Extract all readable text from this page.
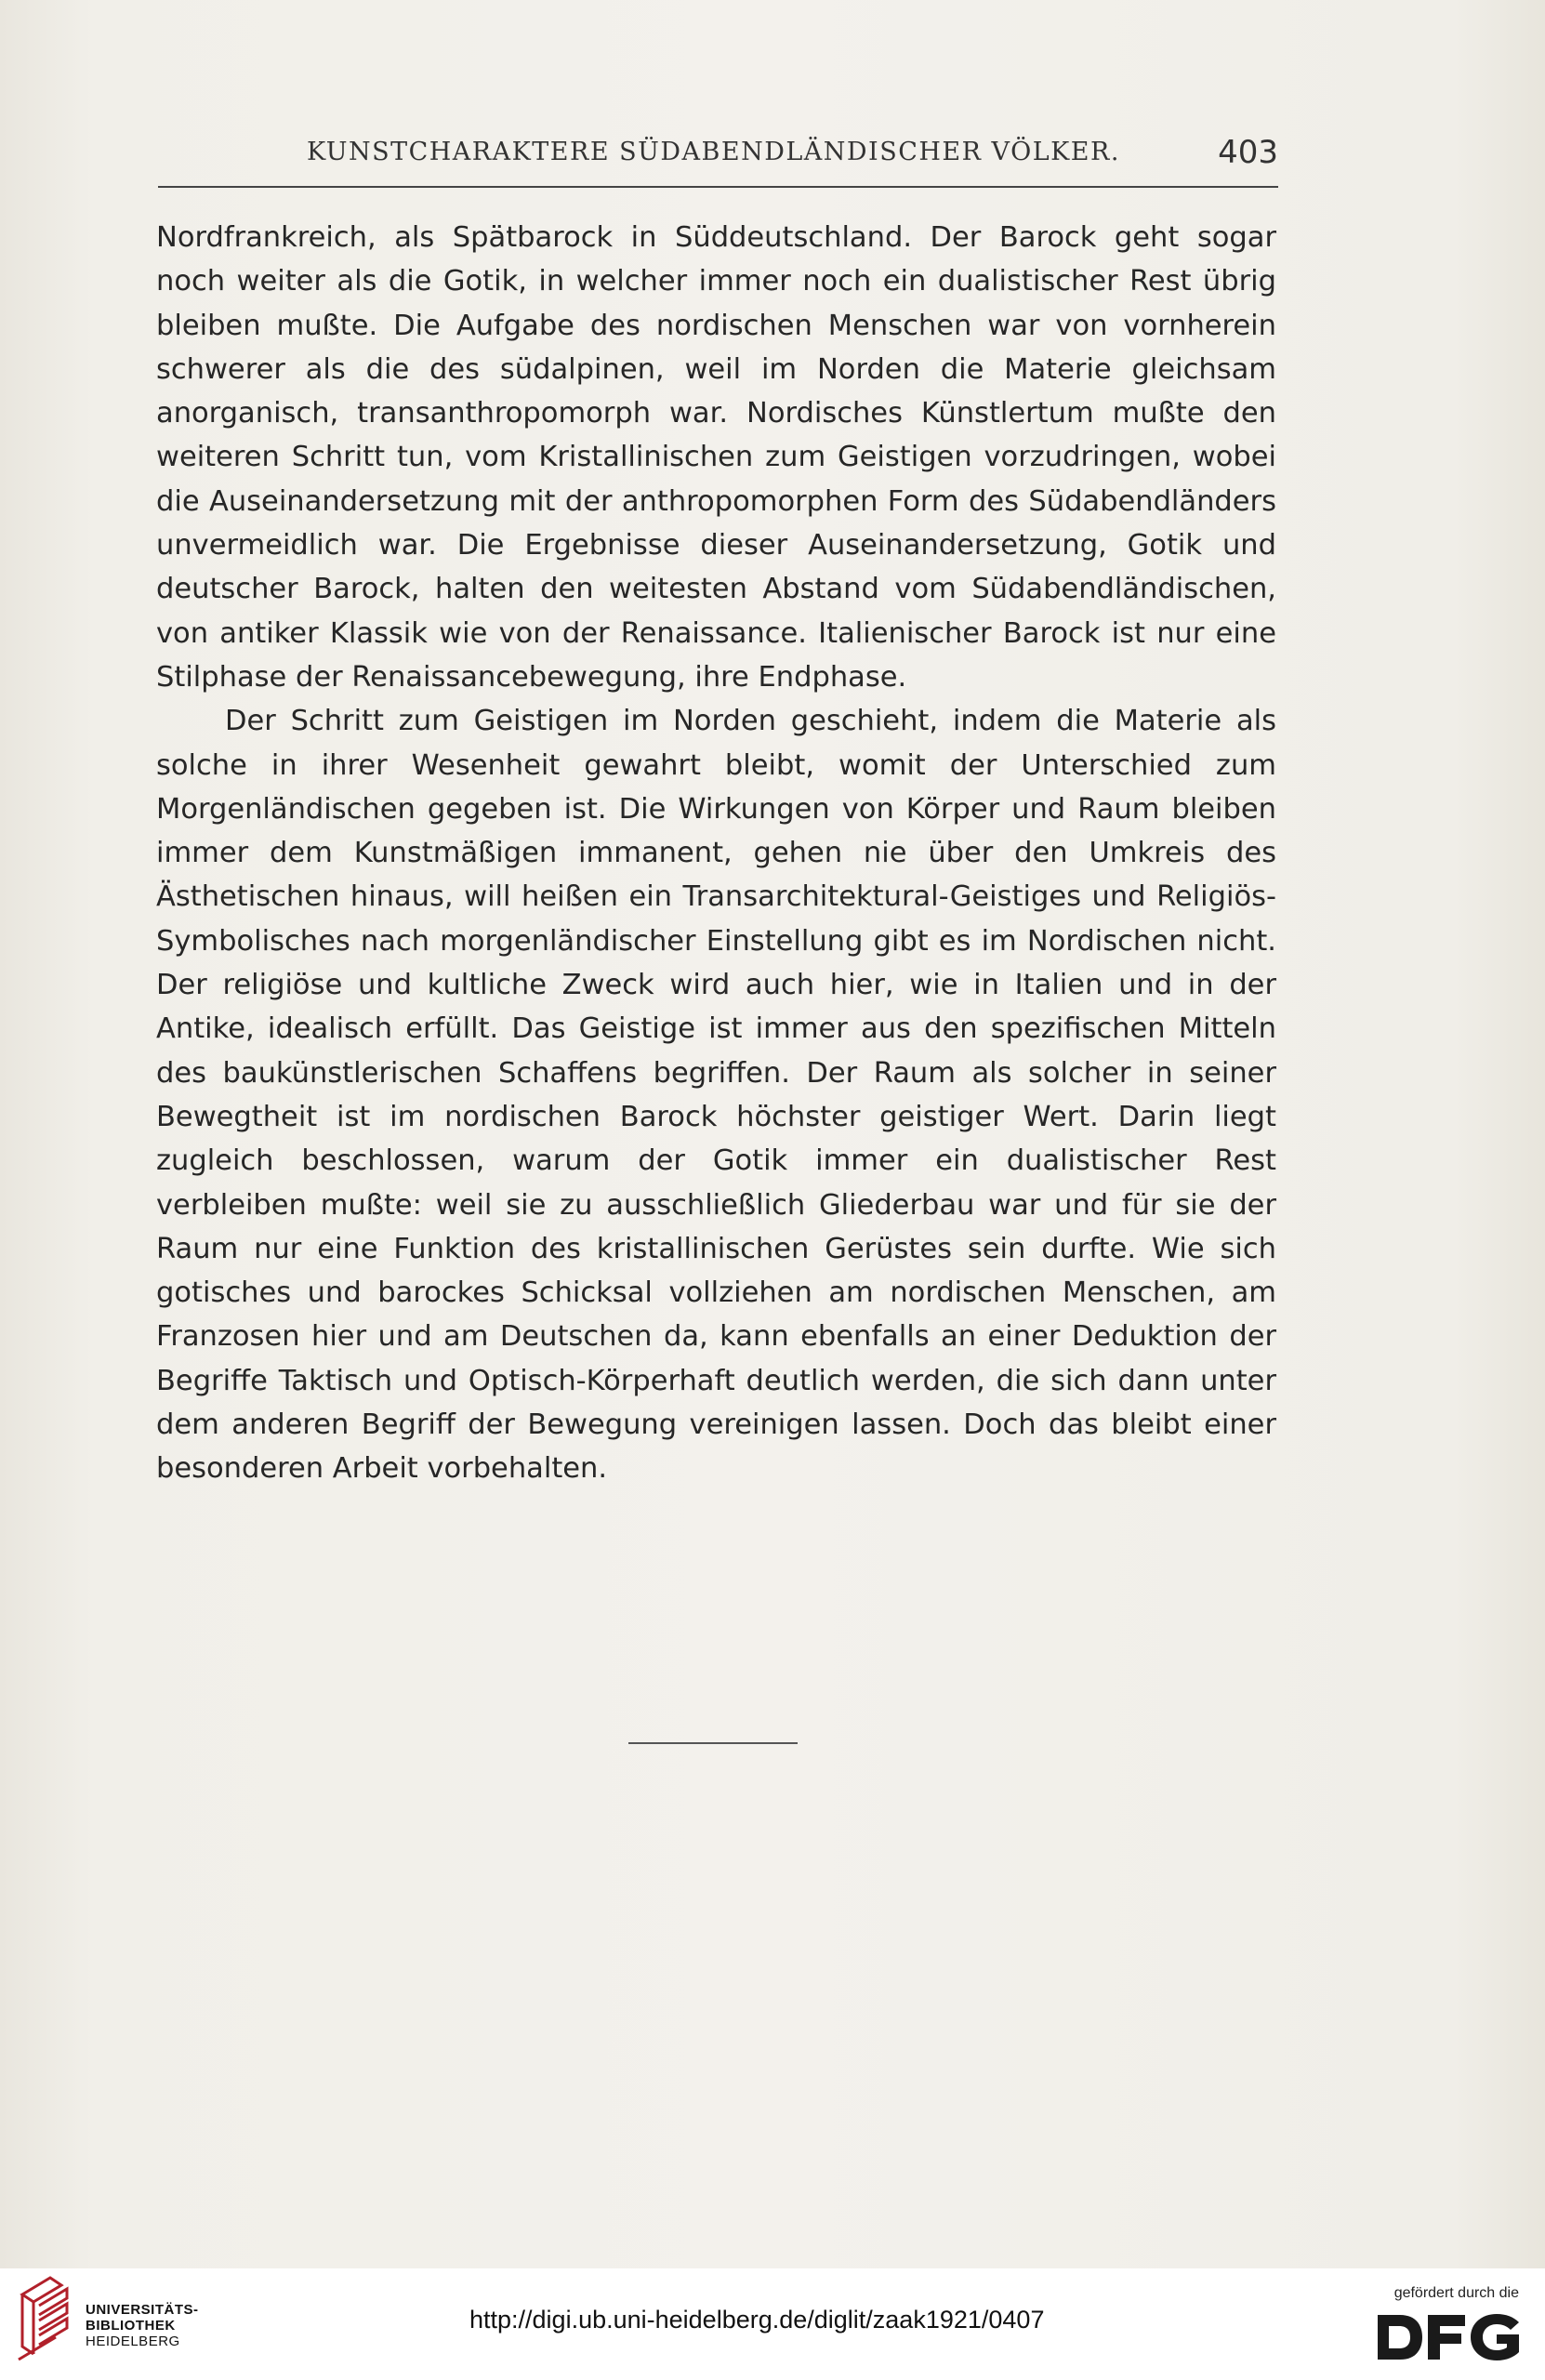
KUNSTCHARAKTERE SÜDABENDLÄNDISCHER VÖLKER.	403

Nordfrankreich, als Spätbarock in Süddeutschland. Der Barock geht sogar noch weiter als die Gotik, in welcher immer noch ein dualistischer Rest übrig bleiben mußte. Die Aufgabe des nordischen Menschen war von vornherein schwerer als die des südalpinen, weil im Norden die Materie gleichsam anorganisch, transanthropomorph war. Nordisches Künstlertum mußte den weiteren Schritt tun, vom Kristallinischen zum Geistigen vorzudringen, wobei die Auseinandersetzung mit der anthropomorphen Form des Südabendländers unvermeidlich war. Die Ergebnisse dieser Auseinandersetzung, Gotik und deutscher Barock, halten den weitesten Abstand vom Südabendländischen, von antiker Klassik wie von der Renaissance. Italienischer Barock ist nur eine Stilphase der Renaissancebewegung, ihre Endphase.

Der Schritt zum Geistigen im Norden geschieht, indem die Materie als solche in ihrer Wesenheit gewahrt bleibt, womit der Unterschied zum Morgenländischen gegeben ist. Die Wirkungen von Körper und Raum bleiben immer dem Kunstmäßigen immanent, gehen nie über den Umkreis des Ästhetischen hinaus, will heißen ein Transarchitektural-Geistiges und Religiös-Symbolisches nach morgenländischer Einstellung gibt es im Nordischen nicht. Der religiöse und kultliche Zweck wird auch hier, wie in Italien und in der Antike, idealisch erfüllt. Das Geistige ist immer aus den spezifischen Mitteln des baukünstlerischen Schaffens begriffen. Der Raum als solcher in seiner Bewegtheit ist im nordischen Barock höchster geistiger Wert. Darin liegt zugleich beschlossen, warum der Gotik immer ein dualistischer Rest verbleiben mußte: weil sie zu ausschließlich Gliederbau war und für sie der Raum nur eine Funktion des kristallinischen Gerüstes sein durfte. Wie sich gotisches und barockes Schicksal vollziehen am nordischen Menschen, am Franzosen hier und am Deutschen da, kann ebenfalls an einer Deduktion der Begriffe Taktisch und Optisch-Körperhaft deutlich werden, die sich dann unter dem anderen Begriff der Bewegung vereinigen lassen. Doch das bleibt einer besonderen Arbeit vorbehalten.

UNIVERSITÄTS-
BIBLIOTHEK
HEIDELBERG
http://digi.ub.uni-heidelberg.de/diglit/zaak1921/0407
gefördert durch die
